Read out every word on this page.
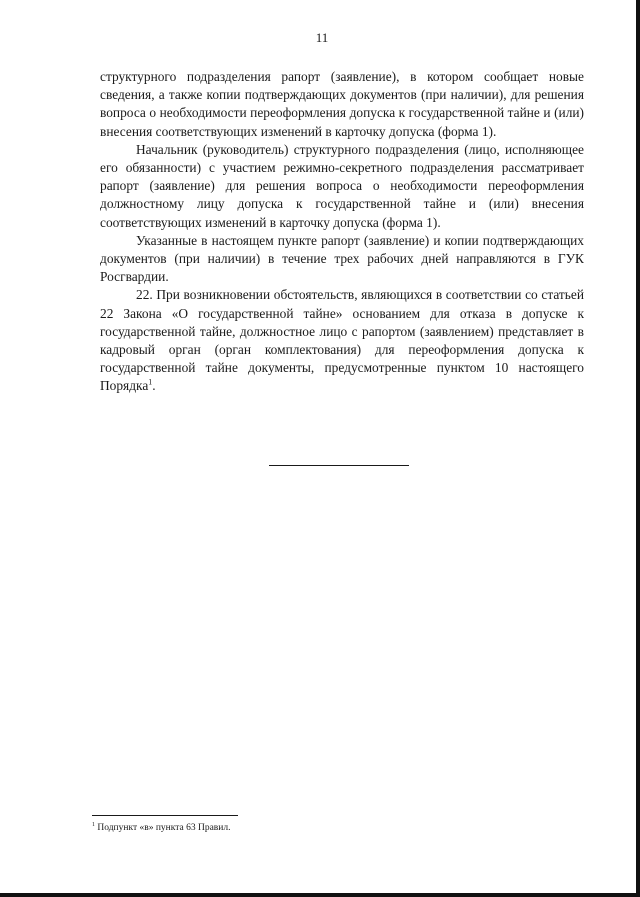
11

структурного подразделения рапорт (заявление), в котором сообщает новые сведения, а также копии подтверждающих документов (при наличии), для решения вопроса о необходимости переоформления допуска к государственной тайне и (или) внесения соответствующих изменений в карточку допуска (форма 1).

Начальник (руководитель) структурного подразделения (лицо, исполняющее его обязанности) с участием режимно-секретного подразделения рассматривает рапорт (заявление) для решения вопроса о необходимости переоформления должностному лицу допуска к государственной тайне и (или) внесения соответствующих изменений в карточку допуска (форма 1).

Указанные в настоящем пункте рапорт (заявление) и копии подтверждающих документов (при наличии) в течение трех рабочих дней направляются в ГУК Росгвардии.

22. При возникновении обстоятельств, являющихся в соответствии со статьей 22 Закона «О государственной тайне» основанием для отказа в допуске к государственной тайне, должностное лицо с рапортом (заявлением) представляет в кадровый орган (орган комплектования) для переоформления допуска к государственной тайне документы, предусмотренные пунктом 10 настоящего Порядка$^1$.

$^1$ Подпункт «в» пункта 63 Правил.
